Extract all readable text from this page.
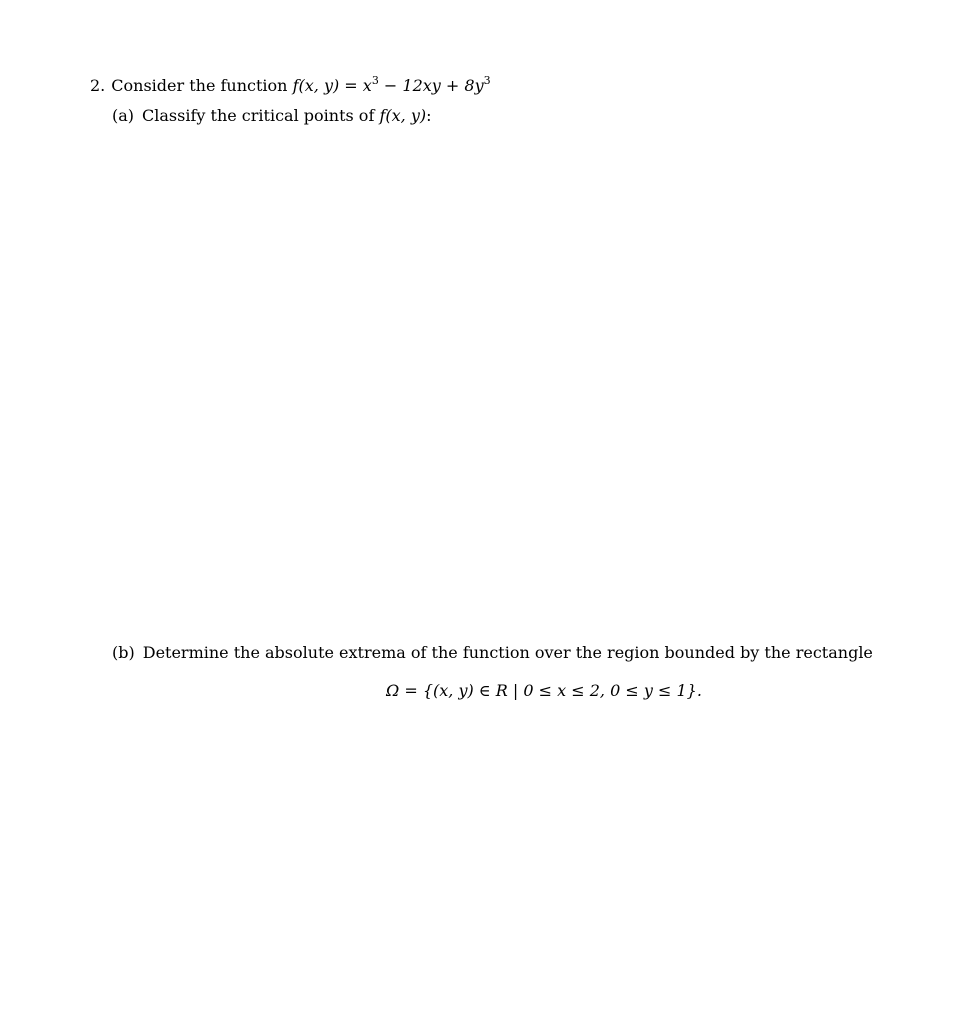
2. Consider the function f(x, $y) = x^3 - 12xy + 8y^3$
(a) Classify the critical points of f(x, y):
(b) Determine the absolute extrema of the function over the region bounded by the rectangle
Ω = {(x, y) ∈ R | 0 ≤ x ≤ 2, 0 ≤ y ≤ 1}.
